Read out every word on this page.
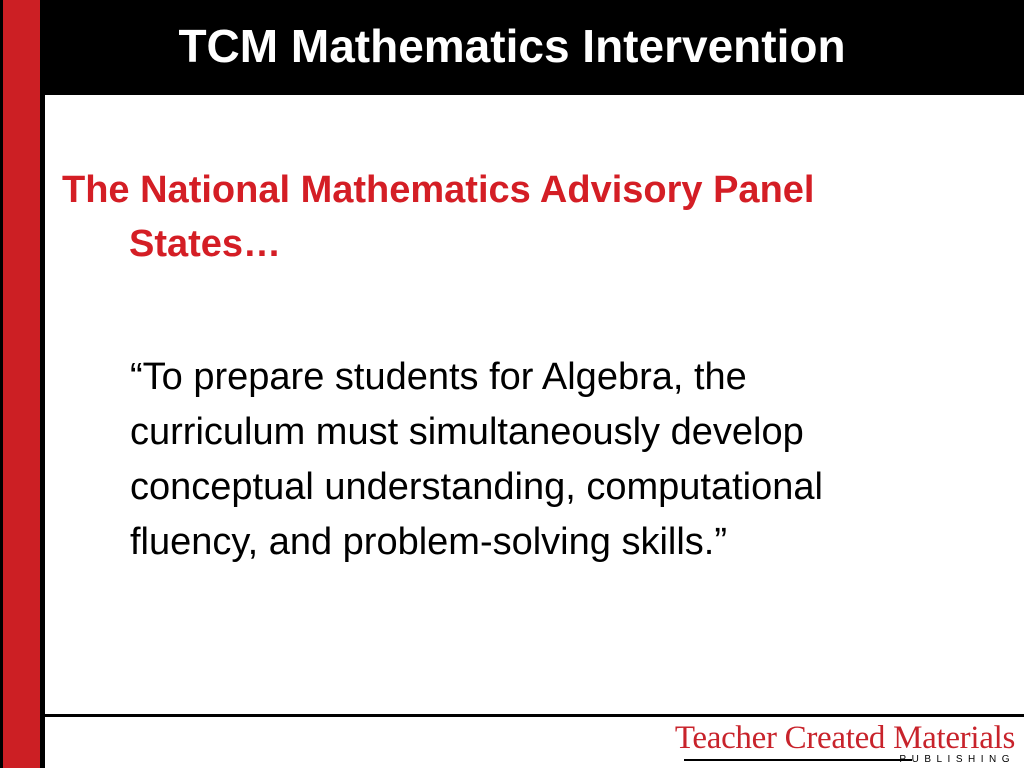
TCM Mathematics Intervention
The National Mathematics Advisory Panel
States…
“To prepare students for Algebra, the
curriculum must simultaneously develop
conceptual understanding, computational
fluency, and problem-solving skills.”
Teacher Created Materials
PUBLISHING
